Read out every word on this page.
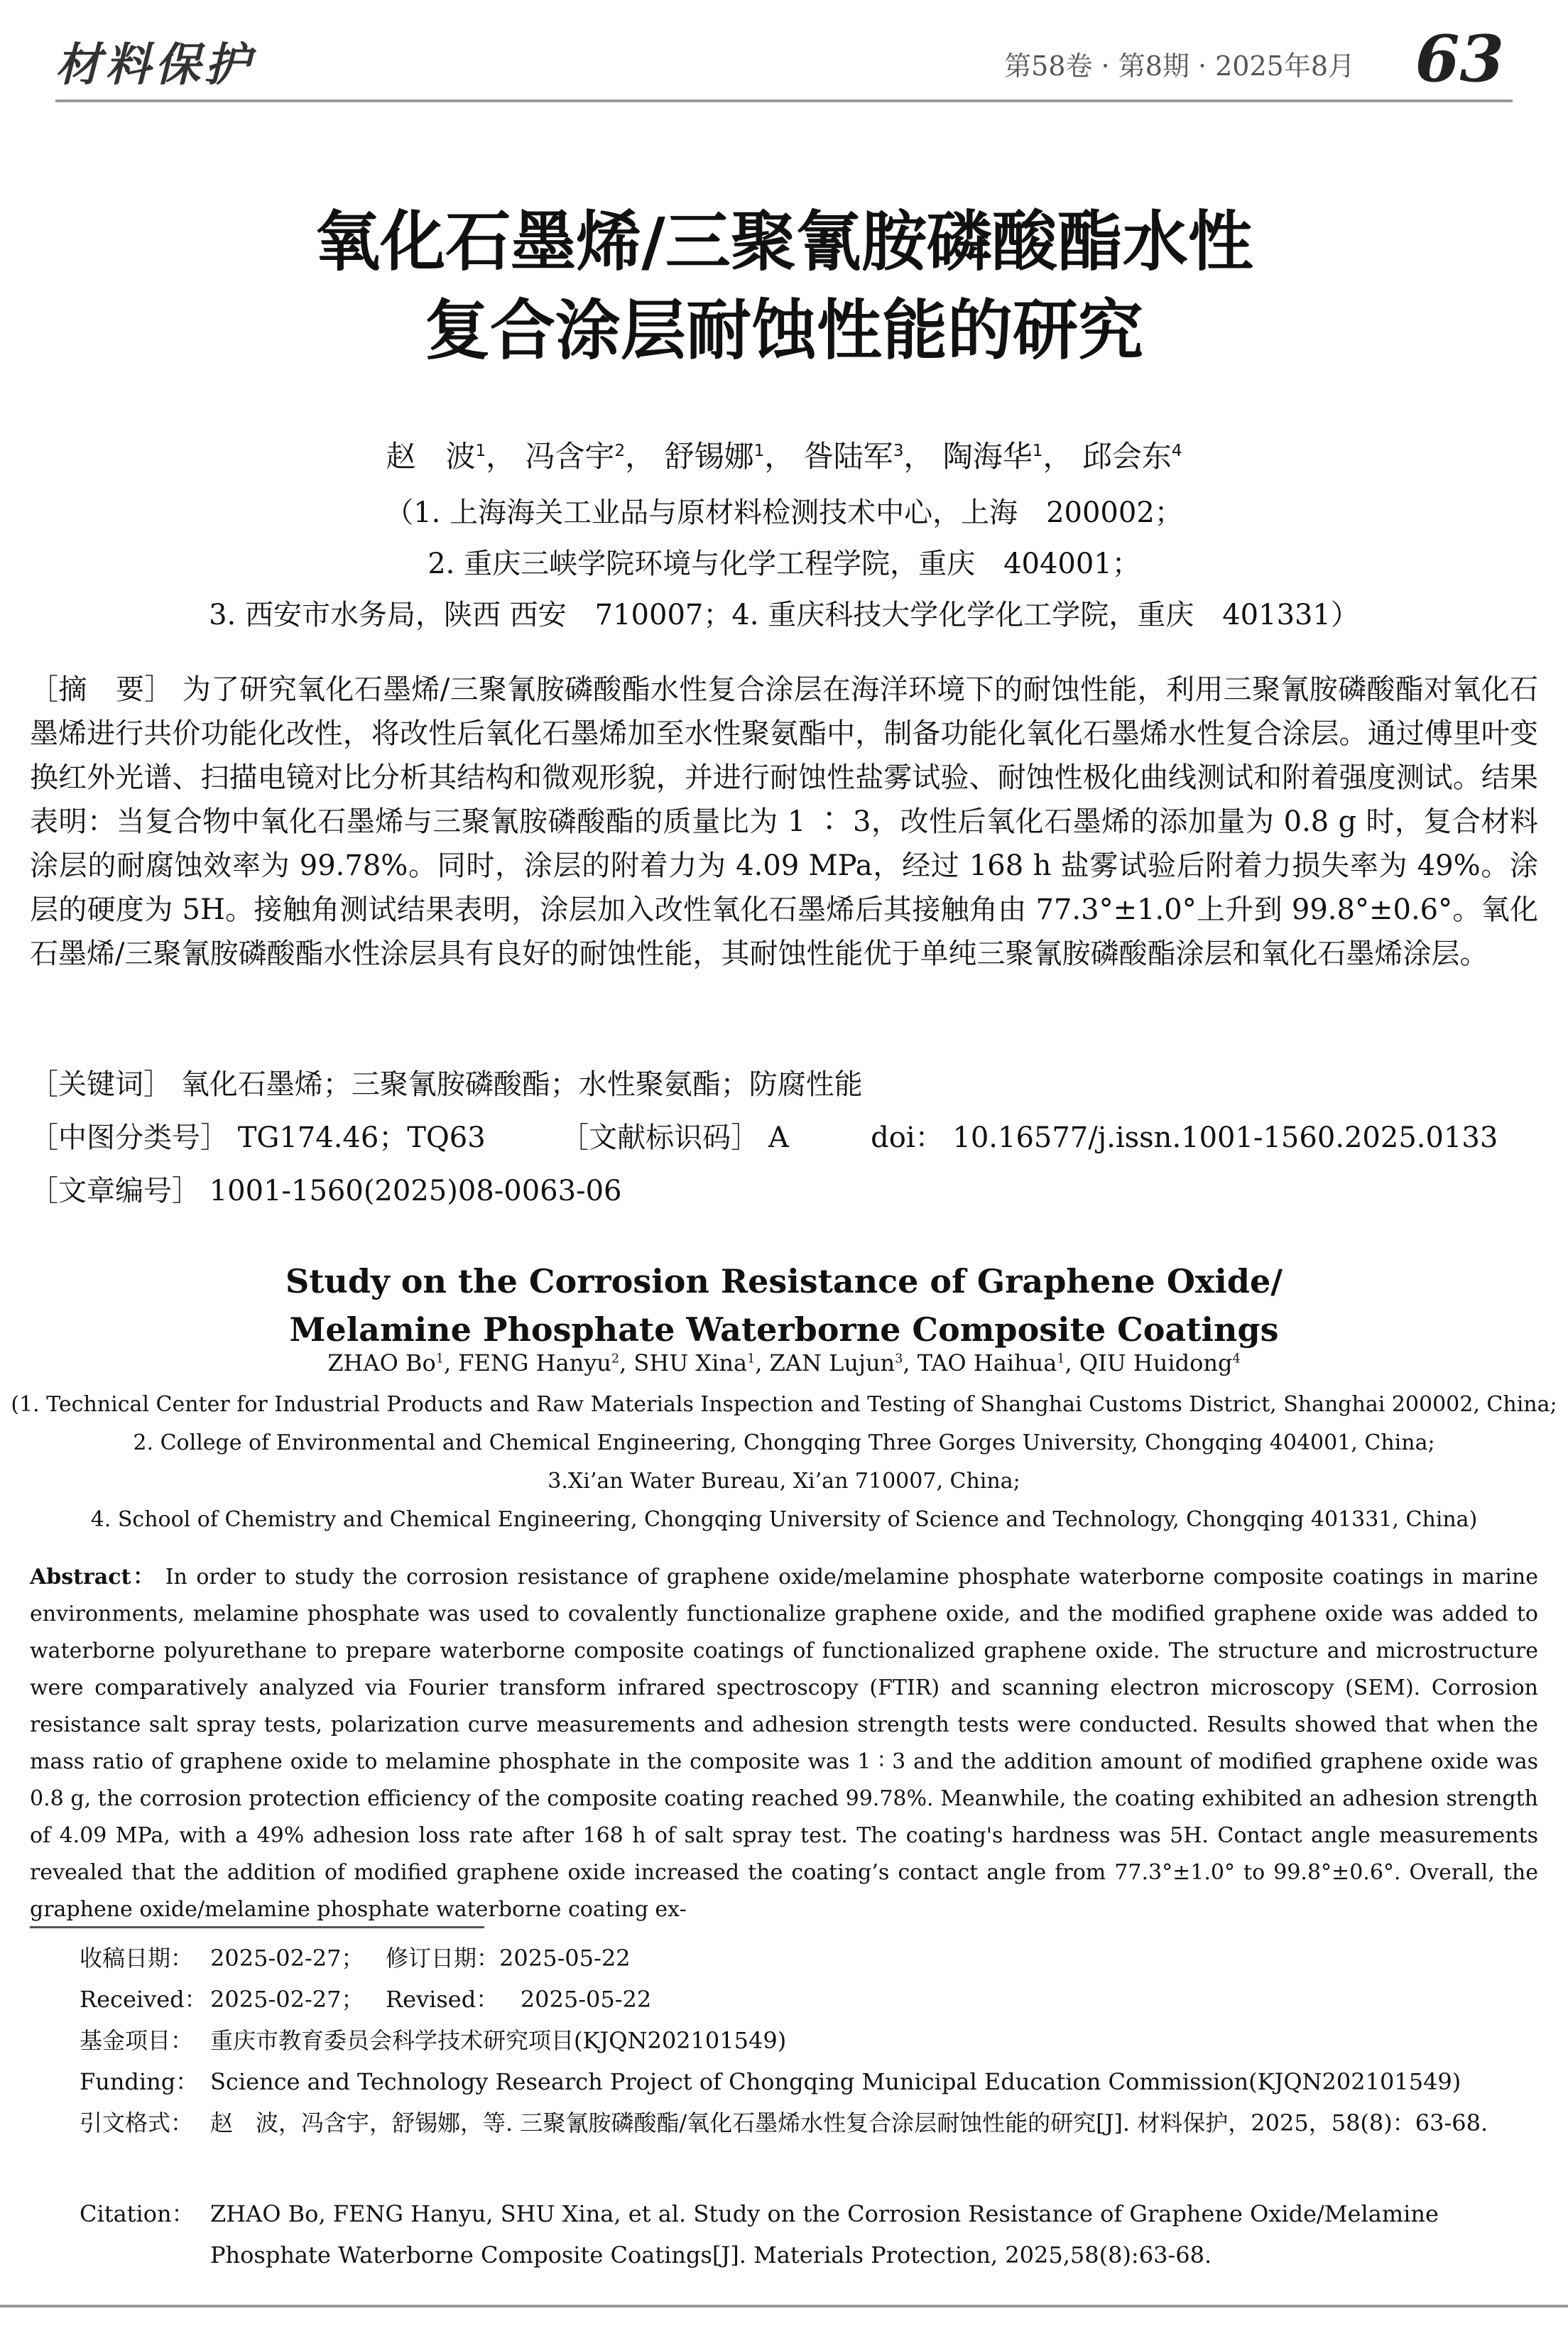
材料保护	第58卷 · 第8期 · 2025年8月 63
氧化石墨烯/三聚氰胺磷酸酯水性
复合涂层耐蚀性能的研究
赵　波$^1$， 冯含宇$^2$， 舒锡娜$^1$， 昝陆军$^3$， 陶海华$^1$， 邱会东$^4$
（1. 上海海关工业品与原材料检测技术中心，上海　200002；
2. 重庆三峡学院环境与化学工程学院，重庆　404001；
3. 西安市水务局，陕西 西安　710007；4. 重庆科技大学化学化工学院，重庆　401331）
［摘　要］ 为了研究氧化石墨烯/三聚氰胺磷酸酯水性复合涂层在海洋环境下的耐蚀性能，利用三聚氰胺磷酸酯对氧化石墨烯进行共价功能化改性，将改性后氧化石墨烯加至水性聚氨酯中，制备功能化氧化石墨烯水性复合涂层。通过傅里叶变换红外光谱、扫描电镜对比分析其结构和微观形貌，并进行耐蚀性盐雾试验、耐蚀性极化曲线测试和附着强度测试。结果表明：当复合物中氧化石墨烯与三聚氰胺磷酸酯的质量比为 1 ∶ 3，改性后氧化石墨烯的添加量为 0.8 g 时，复合材料涂层的耐腐蚀效率为 99.78%。同时，涂层的附着力为 4.09 MPa，经过 168 h 盐雾试验后附着力损失率为 49%。涂层的硬度为 5H。接触角测试结果表明，涂层加入改性氧化石墨烯后其接触角由 77.3°±1.0°上升到 99.8°±0.6°。氧化石墨烯/三聚氰胺磷酸酯水性涂层具有良好的耐蚀性能，其耐蚀性能优于单纯三聚氰胺磷酸酯涂层和氧化石墨烯涂层。
［关键词］ 氧化石墨烯；三聚氰胺磷酸酯；水性聚氨酯；防腐性能
［中图分类号］ TG174.46；TQ63	［文献标识码］ A	doi： 10.16577/j.issn.1001-1560.2025.0133
［文章编号］ 1001-1560(2025)08-0063-06
Study on the Corrosion Resistance of Graphene Oxide/
Melamine Phosphate Waterborne Composite Coatings
ZHAO Bo$^1$, FENG Hanyu$^2$, SHU Xina$^1$, ZAN Lujun$^3$, TAO Haihua$^1$, QIU Huidong$^4$
(1. Technical Center for Industrial Products and Raw Materials Inspection and Testing of Shanghai Customs District, Shanghai 200002, China;
2. College of Environmental and Chemical Engineering, Chongqing Three Gorges University, Chongqing 404001, China;
3.Xi’an Water Bureau, Xi’an 710007, China;
4. School of Chemistry and Chemical Engineering, Chongqing University of Science and Technology, Chongqing 401331, China)
Abstract： In order to study the corrosion resistance of graphene oxide/melamine phosphate waterborne composite coatings in marine environments, melamine phosphate was used to covalently functionalize graphene oxide, and the modified graphene oxide was added to waterborne polyurethane to prepare waterborne composite coatings of functionalized graphene oxide. The structure and microstructure were comparatively analyzed via Fourier transform infrared spectroscopy (FTIR) and scanning electron microscopy (SEM). Corrosion resistance salt spray tests, polarization curve measurements and adhesion strength tests were conducted. Results showed that when the mass ratio of graphene oxide to melamine phosphate in the composite was 1 ∶ 3 and the addition amount of modified graphene oxide was 0.8 g, the corrosion protection efficiency of the composite coating reached 99.78%. Meanwhile, the coating exhibited an adhesion strength of 4.09 MPa, with a 49% adhesion loss rate after 168 h of salt spray test. The coating's hardness was 5H. Contact angle measurements revealed that the addition of modified graphene oxide increased the coating’s contact angle from 77.3°±1.0° to 99.8°±0.6°. Overall, the graphene oxide/melamine phosphate waterborne coating ex-
收稿日期： 2025-02-27； 修订日期：2025-05-22
Received： 2025-02-27； Revised： 2025-05-22
基金项目： 重庆市教育委员会科学技术研究项目(KJQN202101549)
Funding： Science and Technology Research Project of Chongqing Municipal Education Commission(KJQN202101549)
引文格式： 赵　波，冯含宇，舒锡娜，等. 三聚氰胺磷酸酯/氧化石墨烯水性复合涂层耐蚀性能的研究[J]. 材料保护，2025，58(8)：63-68.
Citation： ZHAO Bo, FENG Hanyu, SHU Xina, et al. Study on the Corrosion Resistance of Graphene Oxide/Melamine Phosphate Waterborne Composite Coatings[J]. Materials Protection, 2025,58(8):63-68.
